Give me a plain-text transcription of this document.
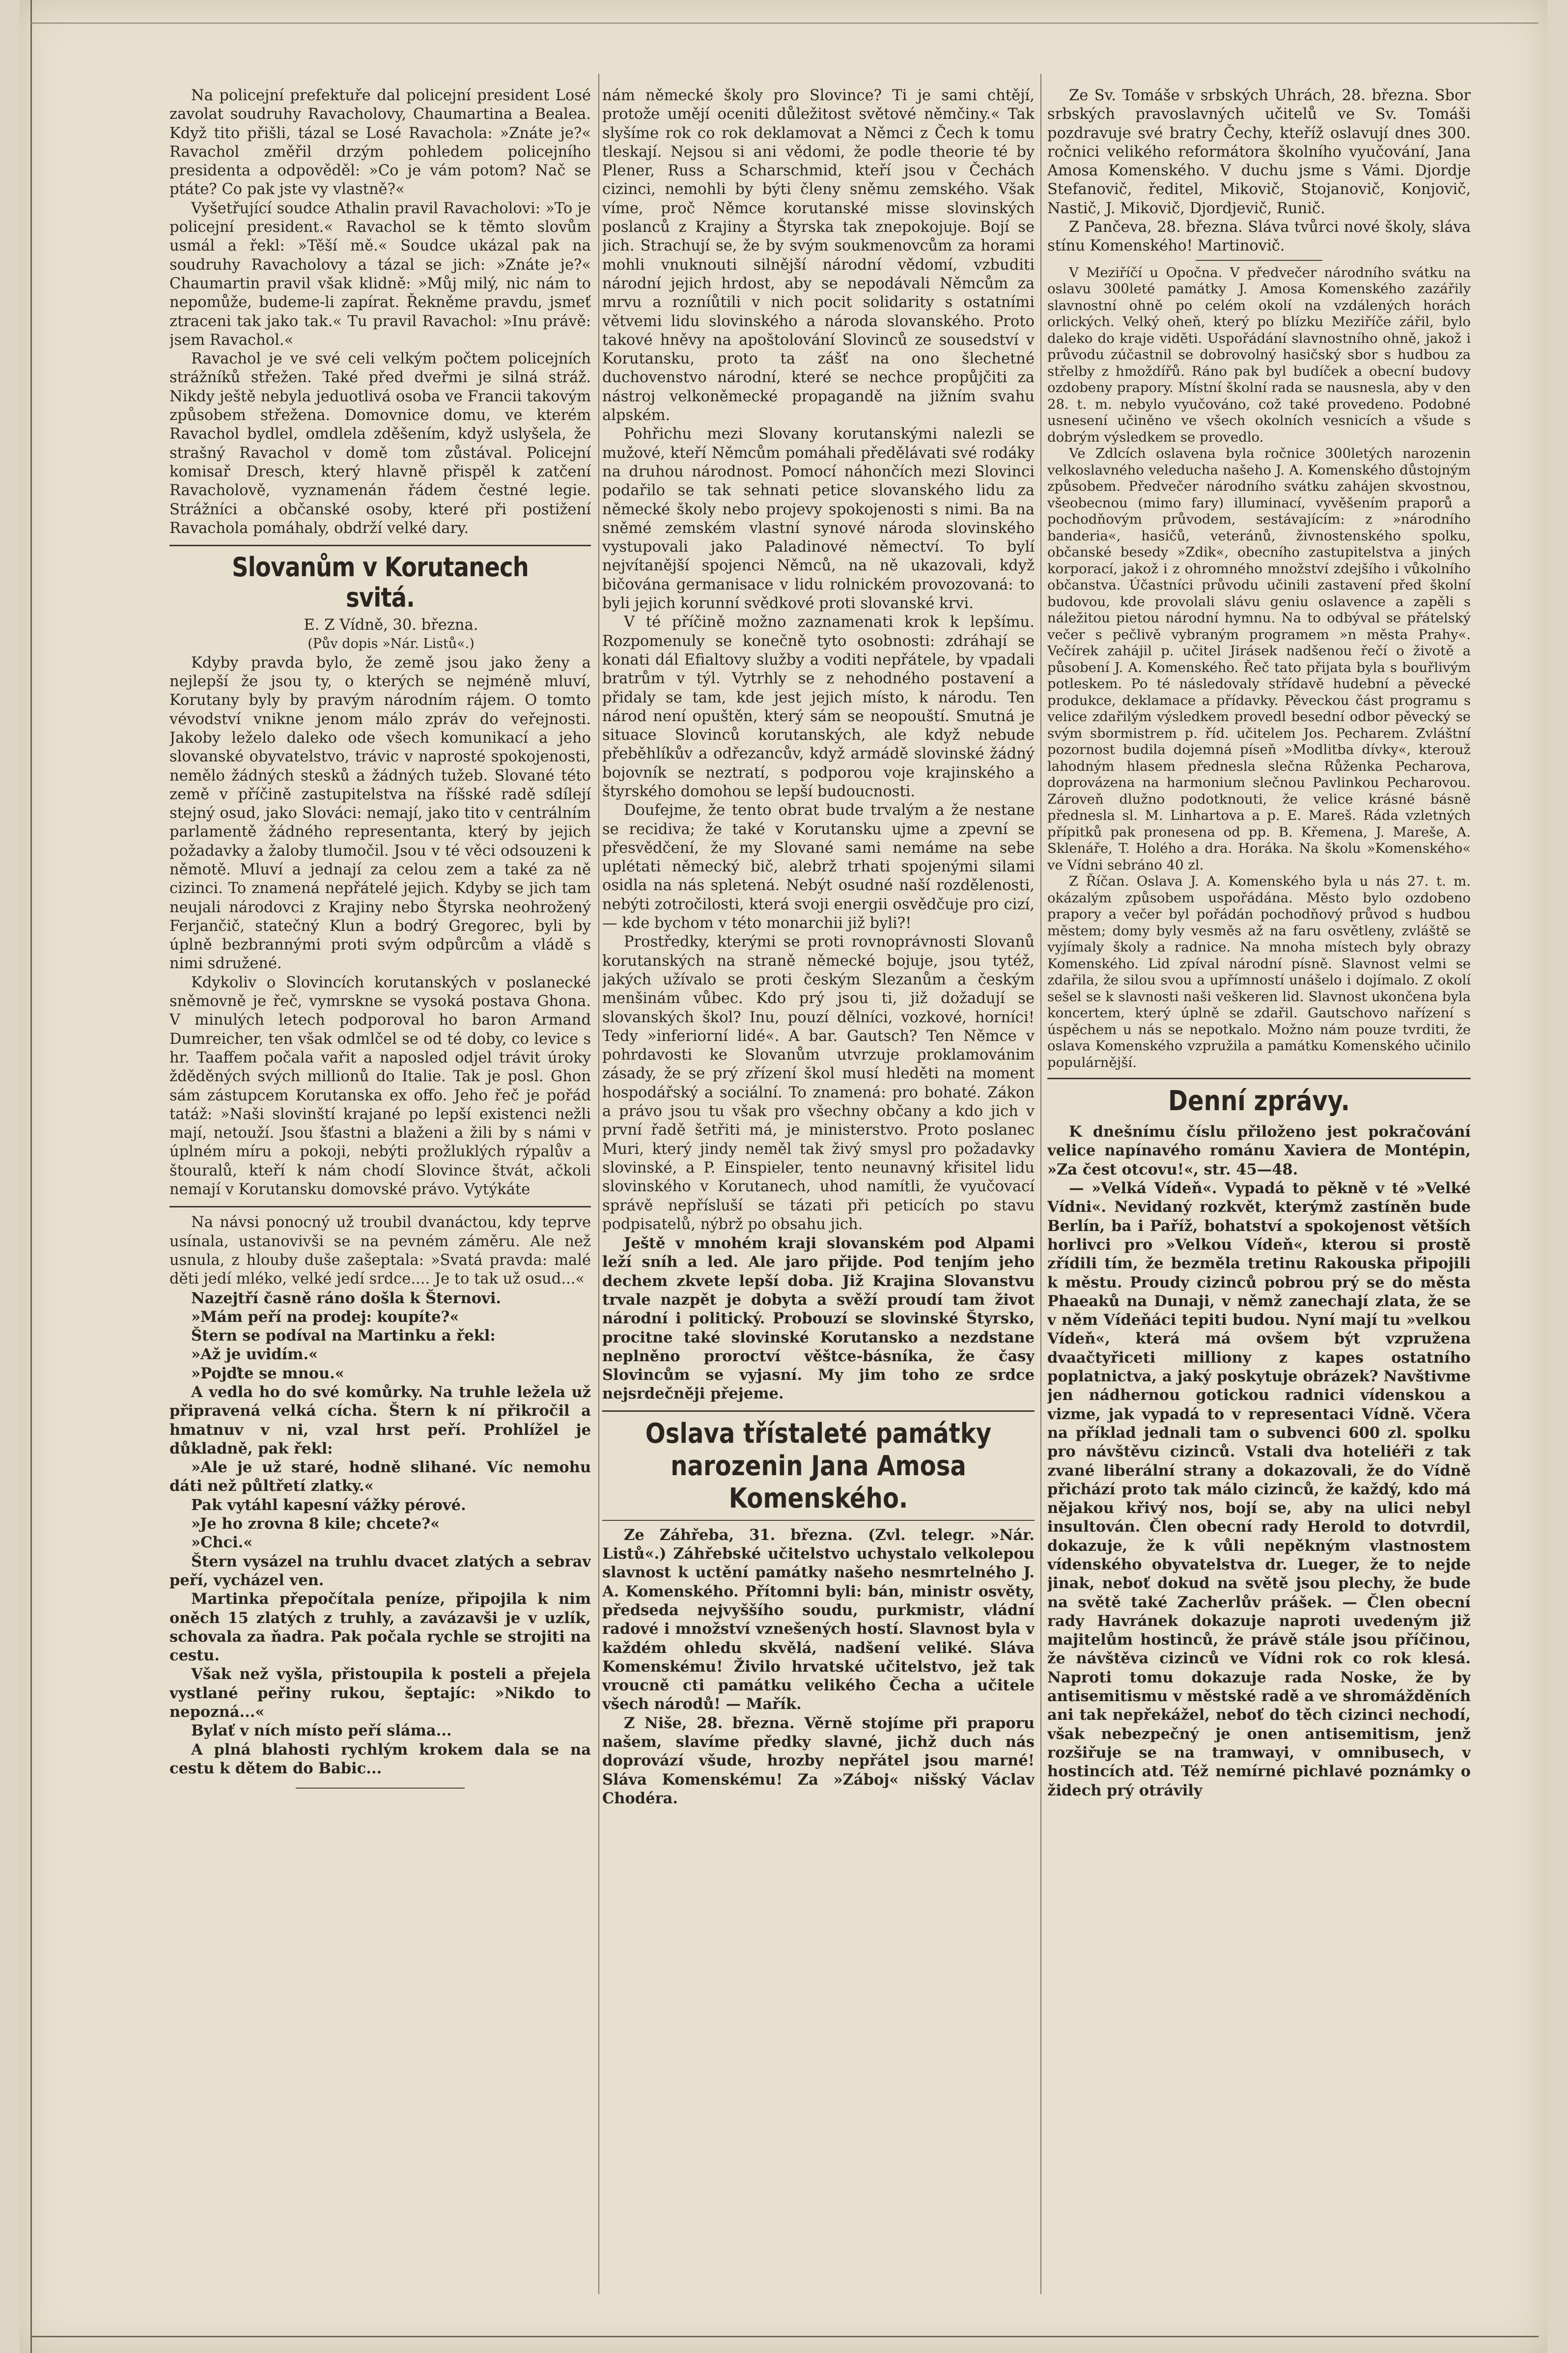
Na policejní prefektuře dal policejní president Losé zavolat soudruhy Ravacholovy, Chaumartina a Bealea. Když tito přišli, tázal se Losé Ravachola: »Znáte je?« Ravachol změřil drzým pohledem policejního presidenta a odpověděl: »Co je vám potom? Nač se ptáte? Co pak jste vy vlastně?«

Vyšetřující soudce Athalin pravil Ravacholovi: »To je policejní president.« Ravachol se k těmto slovům usmál a řekl: »Těší mě.« Soudce ukázal pak na soudruhy Ravacholovy a tázal se jich: »Znáte je?« Chaumartin pravil však klidně: »Můj milý, nic nám to nepomůže, budeme-li zapírat. Řekněme pravdu, jsmeť ztraceni tak jako tak.« Tu pravil Ravachol: »Inu právě: jsem Ravachol.«

Ravachol je ve své celi velkým počtem policejních strážníků střežen. Také před dveřmi je silná stráž. Nikdy ještě nebyla jeduotlivá osoba ve Francii takovým způsobem střežena. Domovnice domu, ve kterém Ravachol bydlel, omdlela zděšením, když uslyšela, že strašný Ravachol v domě tom zůstával. Policejní komisař Dresch, který hlavně přispěl k zatčení Ravacholově, vyznamenán řádem čestné legie. Strážníci a občanské osoby, které při postižení Ravachola pomáhaly, obdrží velké dary.

Slovanům v Korutanech svitá.

E. Z Vídně, 30. března.

(Pův dopis »Nár. Listů«.)

Kdyby pravda bylo, že země jsou jako ženy a nejlepší že jsou ty, o kterých se nejméně mluví, Korutany byly by pravým národním rájem. O tomto vévodství vnikne jenom málo zpráv do veřejnosti. Jakoby leželo daleko ode všech komunikací a jeho slovanské obyvatelstvo, trávic v naprosté spokojenosti, nemělo žádných stesků a žádných tužeb. Slované této země v příčině zastupitelstva na říšské radě sdílejí stejný osud, jako Slováci: nemají, jako tito v centrálním parlamentě žádného representanta, který by jejich požadavky a žaloby tlumočil. Jsou v té věci odsouzeni k němotě. Mluví a jednají za celou zem a také za ně cizinci. To znamená nepřátelé jejich. Kdyby se jich tam neujali národovci z Krajiny nebo Štyrska neohrožený Ferjančič, statečný Klun a bodrý Gregorec, byli by úplně bezbrannými proti svým odpůrcům a vládě s nimi sdružené.

Kdykoliv o Slovincích korutanských v poslanecké sněmovně je řeč, vymrskne se vysoká postava Ghona. V minulých letech podporoval ho baron Armand Dumreicher, ten však odmlčel se od té doby, co levice s hr. Taaffem počala vařit a naposled odjel trávit úroky žděděných svých millionů do Italie. Tak je posl. Ghon sám zástupcem Korutanska ex offo. Jeho řeč je pořád tatáž: »Naši slovinští krajané po lepší existenci nežli mají, netouží. Jsou šťastni a blaženi a žili by s námi v úplném míru a pokoji, nebýti prožluklých rýpalův a štouralů, kteří k nám chodí Slovince štvát, ačkoli nemají v Korutansku domovské právo. Vytýkáte

Na návsi ponocný už troubil dvanáctou, kdy teprve usínala, ustanovivši se na pevném záměru. Ale než usnula, z hlouby duše zašeptala: »Svatá pravda: malé děti jedí mléko, velké jedí srdce.... Je to tak už osud...«

Nazejtří časně ráno došla k Šternovi.

»Mám peří na prodej: koupíte?«

Štern se podíval na Martinku a řekl:

»Až je uvidím.«

»Pojďte se mnou.«

A vedla ho do své komůrky. Na truhle ležela už připravená velká cícha. Štern k ní přikročil a hmatnuv v ni, vzal hrst peří. Prohlížel je důkladně, pak řekl:

»Ale je už staré, hodně slihané. Víc nemohu dáti než půltřetí zlatky.«

Pak vytáhl kapesní vážky pérové.

»Je ho zrovna 8 kile; chcete?«

»Chci.«

Štern vysázel na truhlu dvacet zlatých a sebrav peří, vycházel ven.

Martinka přepočítala peníze, připojila k nim oněch 15 zlatých z truhly, a zavázavši je v uzlík, schovala za ňadra. Pak počala rychle se strojiti na cestu.

Však než vyšla, přistoupila k posteli a přejela vystlané peřiny rukou, šeptajíc: »Nikdo to nepozná...«

Bylať v ních místo peří sláma...

A plná blahosti rychlým krokem dala se na cestu k dětem do Babic...

nám německé školy pro Slovince? Ti je sami chtějí, protože umějí oceniti důležitost světové němčiny.« Tak slyšíme rok co rok deklamovat a Němci z Čech k tomu tleskají. Nejsou si ani vědomi, že podle theorie té by Plener, Russ a Scharschmid, kteří jsou v Čechách cizinci, nemohli by býti členy sněmu zemského. Však víme, proč Němce korutanské misse slovinských poslanců z Krajiny a Štyrska tak znepokojuje. Bojí se jich. Strachují se, že by svým soukmenovcům za horami mohli vnuknouti silnější národní vědomí, vzbuditi národní jejich hrdost, aby se nepodávali Němcům za mrvu a rozníůtili v nich pocit solidarity s ostatními větvemi lidu slovinského a národa slovanského. Proto takové hněvy na apoštolování Slovinců ze sousedství v Korutansku, proto ta zášť na ono šlechetné duchovenstvo národní, které se nechce propůjčiti za nástroj velkoněmecké propagandě na jižním svahu alpském.

Pohřichu mezi Slovany korutanskými nalezli se mužové, kteří Němcům pomáhali předělávati své rodáky na druhou národnost. Pomocí náhončích mezi Slovinci podařilo se tak sehnati petice slovanského lidu za německé školy nebo projevy spokojenosti s nimi. Ba na sněmé zemském vlastní synové národa slovinského vystupovali jako Paladinové němectví. To bylí nejvítanější spojenci Němců, na ně ukazovali, když bičována germanisace v lidu rolnickém provozovaná: to byli jejich korunní svědkové proti slovanské krvi.

V té příčině možno zaznamenati krok k lepšímu. Rozpomenuly se konečně tyto osobnosti: zdráhají se konati dál Efialtovy služby a voditi nepřátele, by vpadali bratrům v týl. Vytrhly se z nehodného postavení a přidaly se tam, kde jest jejich místo, k národu. Ten národ není opuštěn, který sám se neopouští. Smutná je situace Slovinců korutanských, ale když nebude přeběhlíkův a odřezancův, když armádě slovinské žádný bojovník se neztratí, s podporou voje krajinského a štyrského domohou se lepší budoucnosti.

Doufejme, že tento obrat bude trvalým a že nestane se recidiva; že také v Korutansku ujme a zpevní se přesvědčení, že my Slované sami nemáme na sebe uplétati německý bič, alebrž trhati spojenými silami osidla na nás spletená. Nebýt osudné naší rozdělenosti, nebýti zotročilosti, která svoji energii osvědčuje pro cizí, — kde bychom v této monarchii již byli?!

Prostředky, kterými se proti rovnoprávnosti Slovanů korutanských na straně německé bojuje, jsou tytéž, jakých užívalo se proti českým Slezanům a českým menšinám vůbec. Kdo prý jsou ti, již dožadují se slovanských škol? Inu, pouzí dělníci, vozkové, horníci! Tedy »inferiorní lidé«. A bar. Gautsch? Ten Němce v pohrdavosti ke Slovanům utvrzuje proklamovánim zásady, že se prý zřízení škol musí hleděti na moment hospodářský a sociální. To znamená: pro bohaté. Zákon a právo jsou tu však pro všechny občany a kdo jich v první řadě šetřiti má, je ministerstvo. Proto poslanec Muri, který jindy neměl tak živý smysl pro požadavky slovinské, a P. Einspieler, tento neunavný křisitel lidu slovinského v Korutanech, uhod namítli, že vyučovací správě nepřísluší se tázati při peticích po stavu podpisatelů, nýbrž po obsahu jich.

Ještě v mnohém kraji slovanském pod Alpami leží sníh a led. Ale jaro přijde. Pod tenjím jeho dechem zkvete lepší doba. Již Krajina Slovanstvu trvale nazpět je dobyta a svěží proudí tam život národní i politický. Probouzí se slovinské Štyrsko, procitne také slovinské Korutansko a nezdstane neplněno proroctví věštce-básníka, že časy Slovincům se vyjasní. My jim toho ze srdce nejsrdečněji přejeme.

Oslava třístaleté památky narozenin Jana Amosa Komenského.

Ze Záhřeba, 31. března. (Zvl. telegr. »Nár. Listů«.) Záhřebské učitelstvo uchystalo velkolepou slavnost k uctění památky našeho nesmrtelného J. A. Komenského. Přítomni byli: bán, ministr osvěty, předseda nejvyššího soudu, purkmistr, vládní radové i množství vznešených hostí. Slavnost byla v každém ohledu skvělá, nadšení veliké. Sláva Komenskému! Živilo hrvatské učitelstvo, jež tak vroucně cti památku velikého Čecha a učitele všech národů! — Mařík.

Z Niše, 28. března. Věrně stojíme při praporu našem, slavíme předky slavné, jichž duch nás doprovází všude, hrozby nepřátel jsou marné! Sláva Komenskému! Za »Záboj« nišský Václav Chodéra.

Ze Sv. Tomáše v srbských Uhrách, 28. března. Sbor srbských pravoslavných učitelů ve Sv. Tomáši pozdravuje své bratry Čechy, kteříž oslavují dnes 300. ročnici velikého reformátora školního vyučování, Jana Amosa Komenského. V duchu jsme s Vámi. Djordje Stefanovič, ředitel, Mikovič, Stojanovič, Konjovič, Nastič, J. Mikovič, Djordjevič, Runič.

Z Pančeva, 28. března. Sláva tvůrci nové školy, sláva stínu Komenského! Martinovič.

V Meziříčí u Opočna. V předvečer národního svátku na oslavu 300leté památky J. Amosa Komenského zazářily slavnostní ohně po celém okolí na vzdálených horách orlických. Velký oheň, který po blízku Meziříče zářil, bylo daleko do kraje viděti. Uspořádání slavnostního ohně, jakož i průvodu zúčastnil se dobrovolný hasičský sbor s hudbou za střelby z hmoždířů. Ráno pak byl budíček a obecní budovy ozdobeny prapory. Místní školní rada se nausnesla, aby v den 28. t. m. nebylo vyučováno, což také provedeno. Podobné usnesení učiněno ve všech okolních vesnicích a všude s dobrým výsledkem se provedlo.

Ve Zdlcích oslavena byla ročnice 300letých narozenin velkoslavného veleducha našeho J. A. Komenského důstojným způsobem. Předvečer národního svátku zahájen skvostnou, všeobecnou (mimo fary) illuminací, vyvěšením praporů a pochodňovým průvodem, sestávajícím: z »národního banderia«, hasičů, veteránů, živnostenského spolku, občanské besedy »Zdik«, obecního zastupitelstva a jiných korporací, jakož i z ohromného množství zdejšího i vůkolního občanstva. Účastníci průvodu učinili zastavení před školní budovou, kde provolali slávu geniu oslavence a zapěli s náležitou pietou národní hymnu. Na to odbýval se přátelský večer s pečlivě vybraným programem »n města Prahy«. Večírek zahájil p. učitel Jirásek nadšenou řečí o životě a působení J. A. Komenského. Řeč tato přijata byla s bouřlivým potleskem. Po té následovaly střídavě hudební a pěvecké produkce, deklamace a přídavky. Pěveckou část programu s velice zdařilým výsledkem provedl besední odbor pěvecký se svým sbormistrem p. říd. učitelem Jos. Pecharem. Zvláštní pozornost budila dojemná píseň »Modlitba dívky«, kterouž lahodným hlasem přednesla slečna Růženka Pecharova, doprovázena na harmonium slečnou Pavlinkou Pecharovou. Zároveň dlužno podotknouti, že velice krásné básně přednesla sl. M. Linhartova a p. E. Mareš. Ráda vzletných přípitků pak pronesena od pp. B. Křemena, J. Mareše, A. Sklenáře, T. Holého a dra. Horáka. Na školu »Komenského« ve Vídni sebráno 40 zl.

Z Říčan. Oslava J. A. Komenského byla u nás 27. t. m. okázalým způsobem uspořádána. Město bylo ozdobeno prapory a večer byl pořádán pochodňový průvod s hudbou městem; domy byly vesměs až na faru osvětleny, zvláště se vyjímaly školy a radnice. Na mnoha místech byly obrazy Komenského. Lid zpíval národní písně. Slavnost velmi se zdařila, že silou svou a upřímností unášelo i dojímalo. Z okolí sešel se k slavnosti naši veškeren lid. Slavnost ukončena byla koncertem, který úplně se zdařil. Gautschovo nařízení s úspěchem u nás se nepotkalo. Možno nám pouze tvrditi, že oslava Komenského vzpružila a památku Komenského učinilo populárnější.

Denní zprávy.

K dnešnímu číslu přiloženo jest pokračování velice napínavého románu Xaviera de Montépin, »Za čest otcovu!«, str. 45—48.

— »Velká Vídeň«. Vypadá to pěkně v té »Velké Vídni«. Nevidaný rozkvět, kterýmž zastíněn bude Berlín, ba i Paříž, bohatství a spokojenost větších horlivci pro »Velkou Vídeň«, kterou si prostě zřídili tím, že bezměla tretinu Rakouska připojili k městu. Proudy cizinců pobrou prý se do města Phaeaků na Dunaji, v němž zanechají zlata, že se v něm Vídeňáci tepiti budou. Nyní mají tu »velkou Vídeň«, která má ovšem být vzpružena dvaačtyřiceti milliony z kapes ostatního poplatnictva, a jaký poskytuje obrázek? Navštivme jen nádhernou gotickou radnici vídenskou a vizme, jak vypadá to v representaci Vídně. Včera na příklad jednali tam o subvenci 600 zl. spolku pro návštěvu cizinců. Vstali dva hoteliéři z tak zvané liberální strany a dokazovali, že do Vídně přichází proto tak málo cizinců, že každý, kdo má nějakou křivý nos, bojí se, aby na ulici nebyl insultován. Člen obecní rady Herold to dotvrdil, dokazuje, že k vůli nepěkným vlastnostem vídenského obyvatelstva dr. Lueger, že to nejde jinak, neboť dokud na světě jsou plechy, že bude na světě také Zacherlův prášek. — Člen obecní rady Havránek dokazuje naproti uvedeným již majitelům hostinců, že právě stále jsou příčinou, že návštěva cizinců ve Vídni rok co rok klesá. Naproti tomu dokazuje rada Noske, že by antisemitismu v městské radě a ve shromážděních ani tak nepřekážel, neboť do těch cizinci nechodí, však nebezpečný je onen antisemitism, jenž rozšiřuje se na tramwayi, v omnibusech, v hostincích atd. Též nemírné pichlavé poznámky o židech prý otrávily
